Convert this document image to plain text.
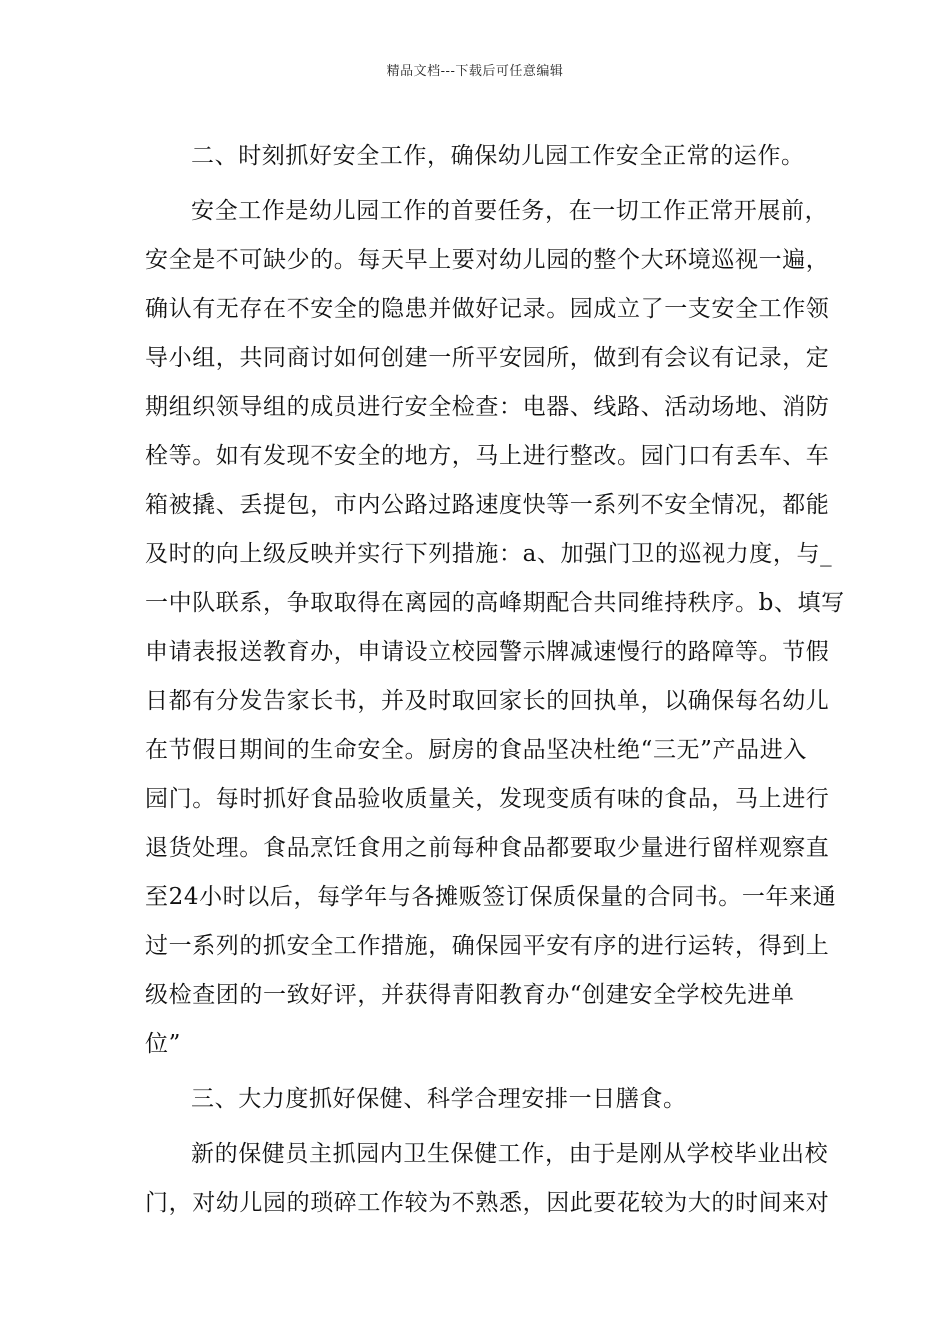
精品文档---下载后可任意编辑
二、时刻抓好安全工作，确保幼儿园工作安全正常的运作。
安全工作是幼儿园工作的首要任务，在一切工作正常开展前，
安全是不可缺少的。每天早上要对幼儿园的整个大环境巡视一遍，
确认有无存在不安全的隐患并做好记录。园成立了一支安全工作领
导小组，共同商讨如何创建一所平安园所，做到有会议有记录，定
期组织领导组的成员进行安全检查：电器、线路、活动场地、消防
栓等。如有发现不安全的地方，马上进行整改。园门口有丢车、车
箱被撬、丢提包，市内公路过路速度快等一系列不安全情况，都能
及时的向上级反映并实行下列措施：a、加强门卫的巡视力度，与_
一中队联系，争取取得在离园的高峰期配合共同维持秩序。b、填写
申请表报送教育办，申请设立校园警示牌减速慢行的路障等。节假
日都有分发告家长书，并及时取回家长的回执单，以确保每名幼儿
在节假日期间的生命安全。厨房的食品坚决杜绝“三无”产品进入
园门。每时抓好食品验收质量关，发现变质有味的食品，马上进行
退货处理。食品烹饪食用之前每种食品都要取少量进行留样观察直
至24小时以后，每学年与各摊贩签订保质保量的合同书。一年来通
过一系列的抓安全工作措施，确保园平安有序的进行运转，得到上
级检查团的一致好评，并获得青阳教育办“创建安全学校先进单
位”
三、大力度抓好保健、科学合理安排一日膳食。
新的保健员主抓园内卫生保健工作，由于是刚从学校毕业出校
门，对幼儿园的琐碎工作较为不熟悉，因此要花较为大的时间来对
